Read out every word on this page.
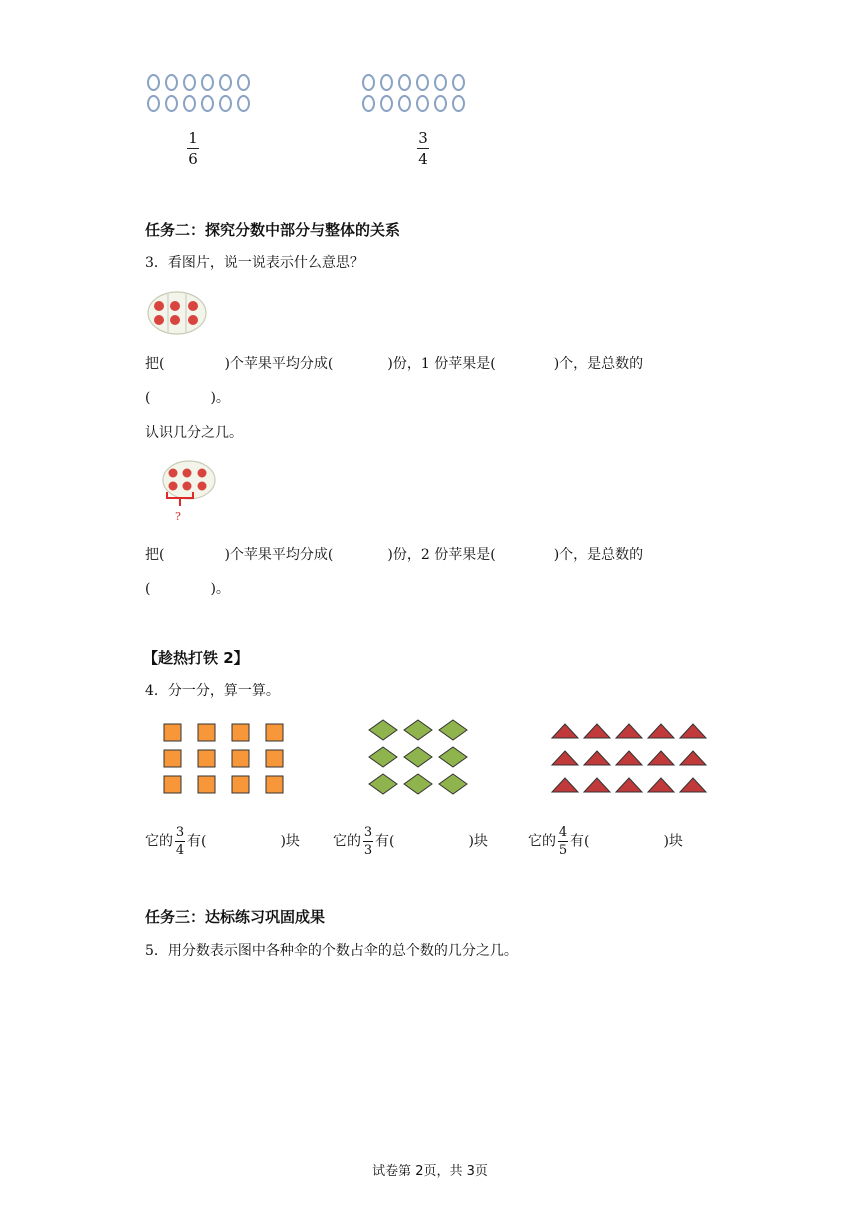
1
6
3
4
任务二：探究分数中部分与整体的关系
3．看图片，说一说表示什么意思？
把(	)个苹果平均分成(	)份，1 份苹果是(	)个，是总数的
(	)。
认识几分之几。
?
把(	)个苹果平均分成(	)份，2 份苹果是(	)个，是总数的
(	)。
【趁热打铁 2】
4．分一分，算一算。
它的 $\frac{3}{4}$ 有(	)块 它的 $\frac{3}{3}$ 有(	)块	它的 $\frac{4}{5}$ 有(	)块
任务三：达标练习巩固成果
5．用分数表示图中各种伞的个数占伞的总个数的几分之几。
试卷第 2页，共 3页
